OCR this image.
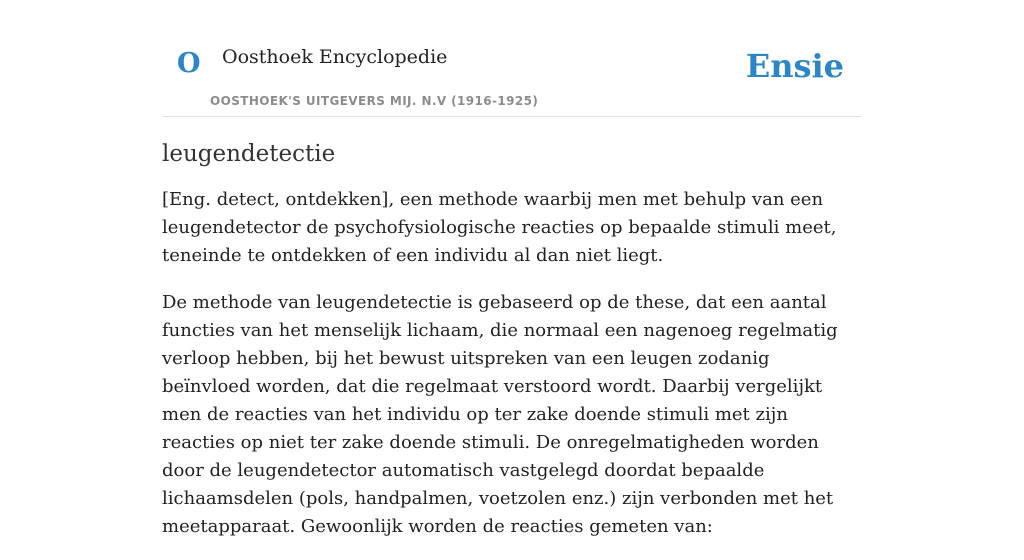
O Oosthoek Encyclopedie
OOSTHOEK'S UITGEVERS MIJ. N.V (1916-1925)
Ensie
leugendetectie

[Eng. detect, ontdekken], een methode waarbij men met behulp van een leugendetector de psychofysiologische reacties op bepaalde stimuli meet, teneinde te ontdekken of een individu al dan niet liegt.

De methode van leugendetectie is gebaseerd op de these, dat een aantal functies van het menselijk lichaam, die normaal een nagenoeg regelmatig verloop hebben, bij het bewust uitspreken van een leugen zodanig beïnvloed worden, dat die regelmaat verstoord wordt. Daarbij vergelijkt men de reacties van het individu op ter zake doende stimuli met zijn reacties op niet ter zake doende stimuli. De onregelmatigheden worden door de leugendetector automatisch vastgelegd doordat bepaalde lichaamsdelen (pols, handpalmen, voetzolen enz.) zijn verbonden met het meetapparaat. Gewoonlijk worden de reacties gemeten van:
